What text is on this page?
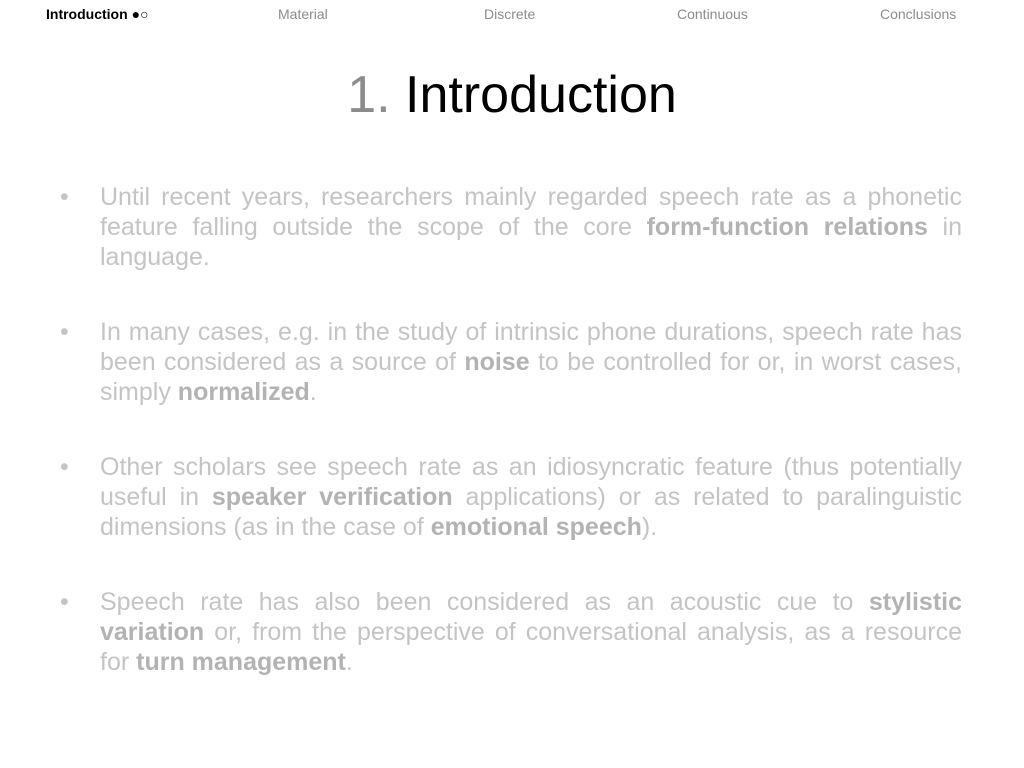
Introduction ●○	Material	Discrete	Continuous	Conclusions
1. Introduction
• Until recent years, researchers mainly regarded speech rate as a phonetic feature falling outside the scope of the core form-function relations in language.
• In many cases, e.g. in the study of intrinsic phone durations, speech rate has been considered as a source of noise to be controlled for or, in worst cases, simply normalized.
• Other scholars see speech rate as an idiosyncratic feature (thus potentially useful in speaker verification applications) or as related to paralinguistic dimensions (as in the case of emotional speech).
• Speech rate has also been considered as an acoustic cue to stylistic variation or, from the perspective of conversational analysis, as a resource for turn management.
